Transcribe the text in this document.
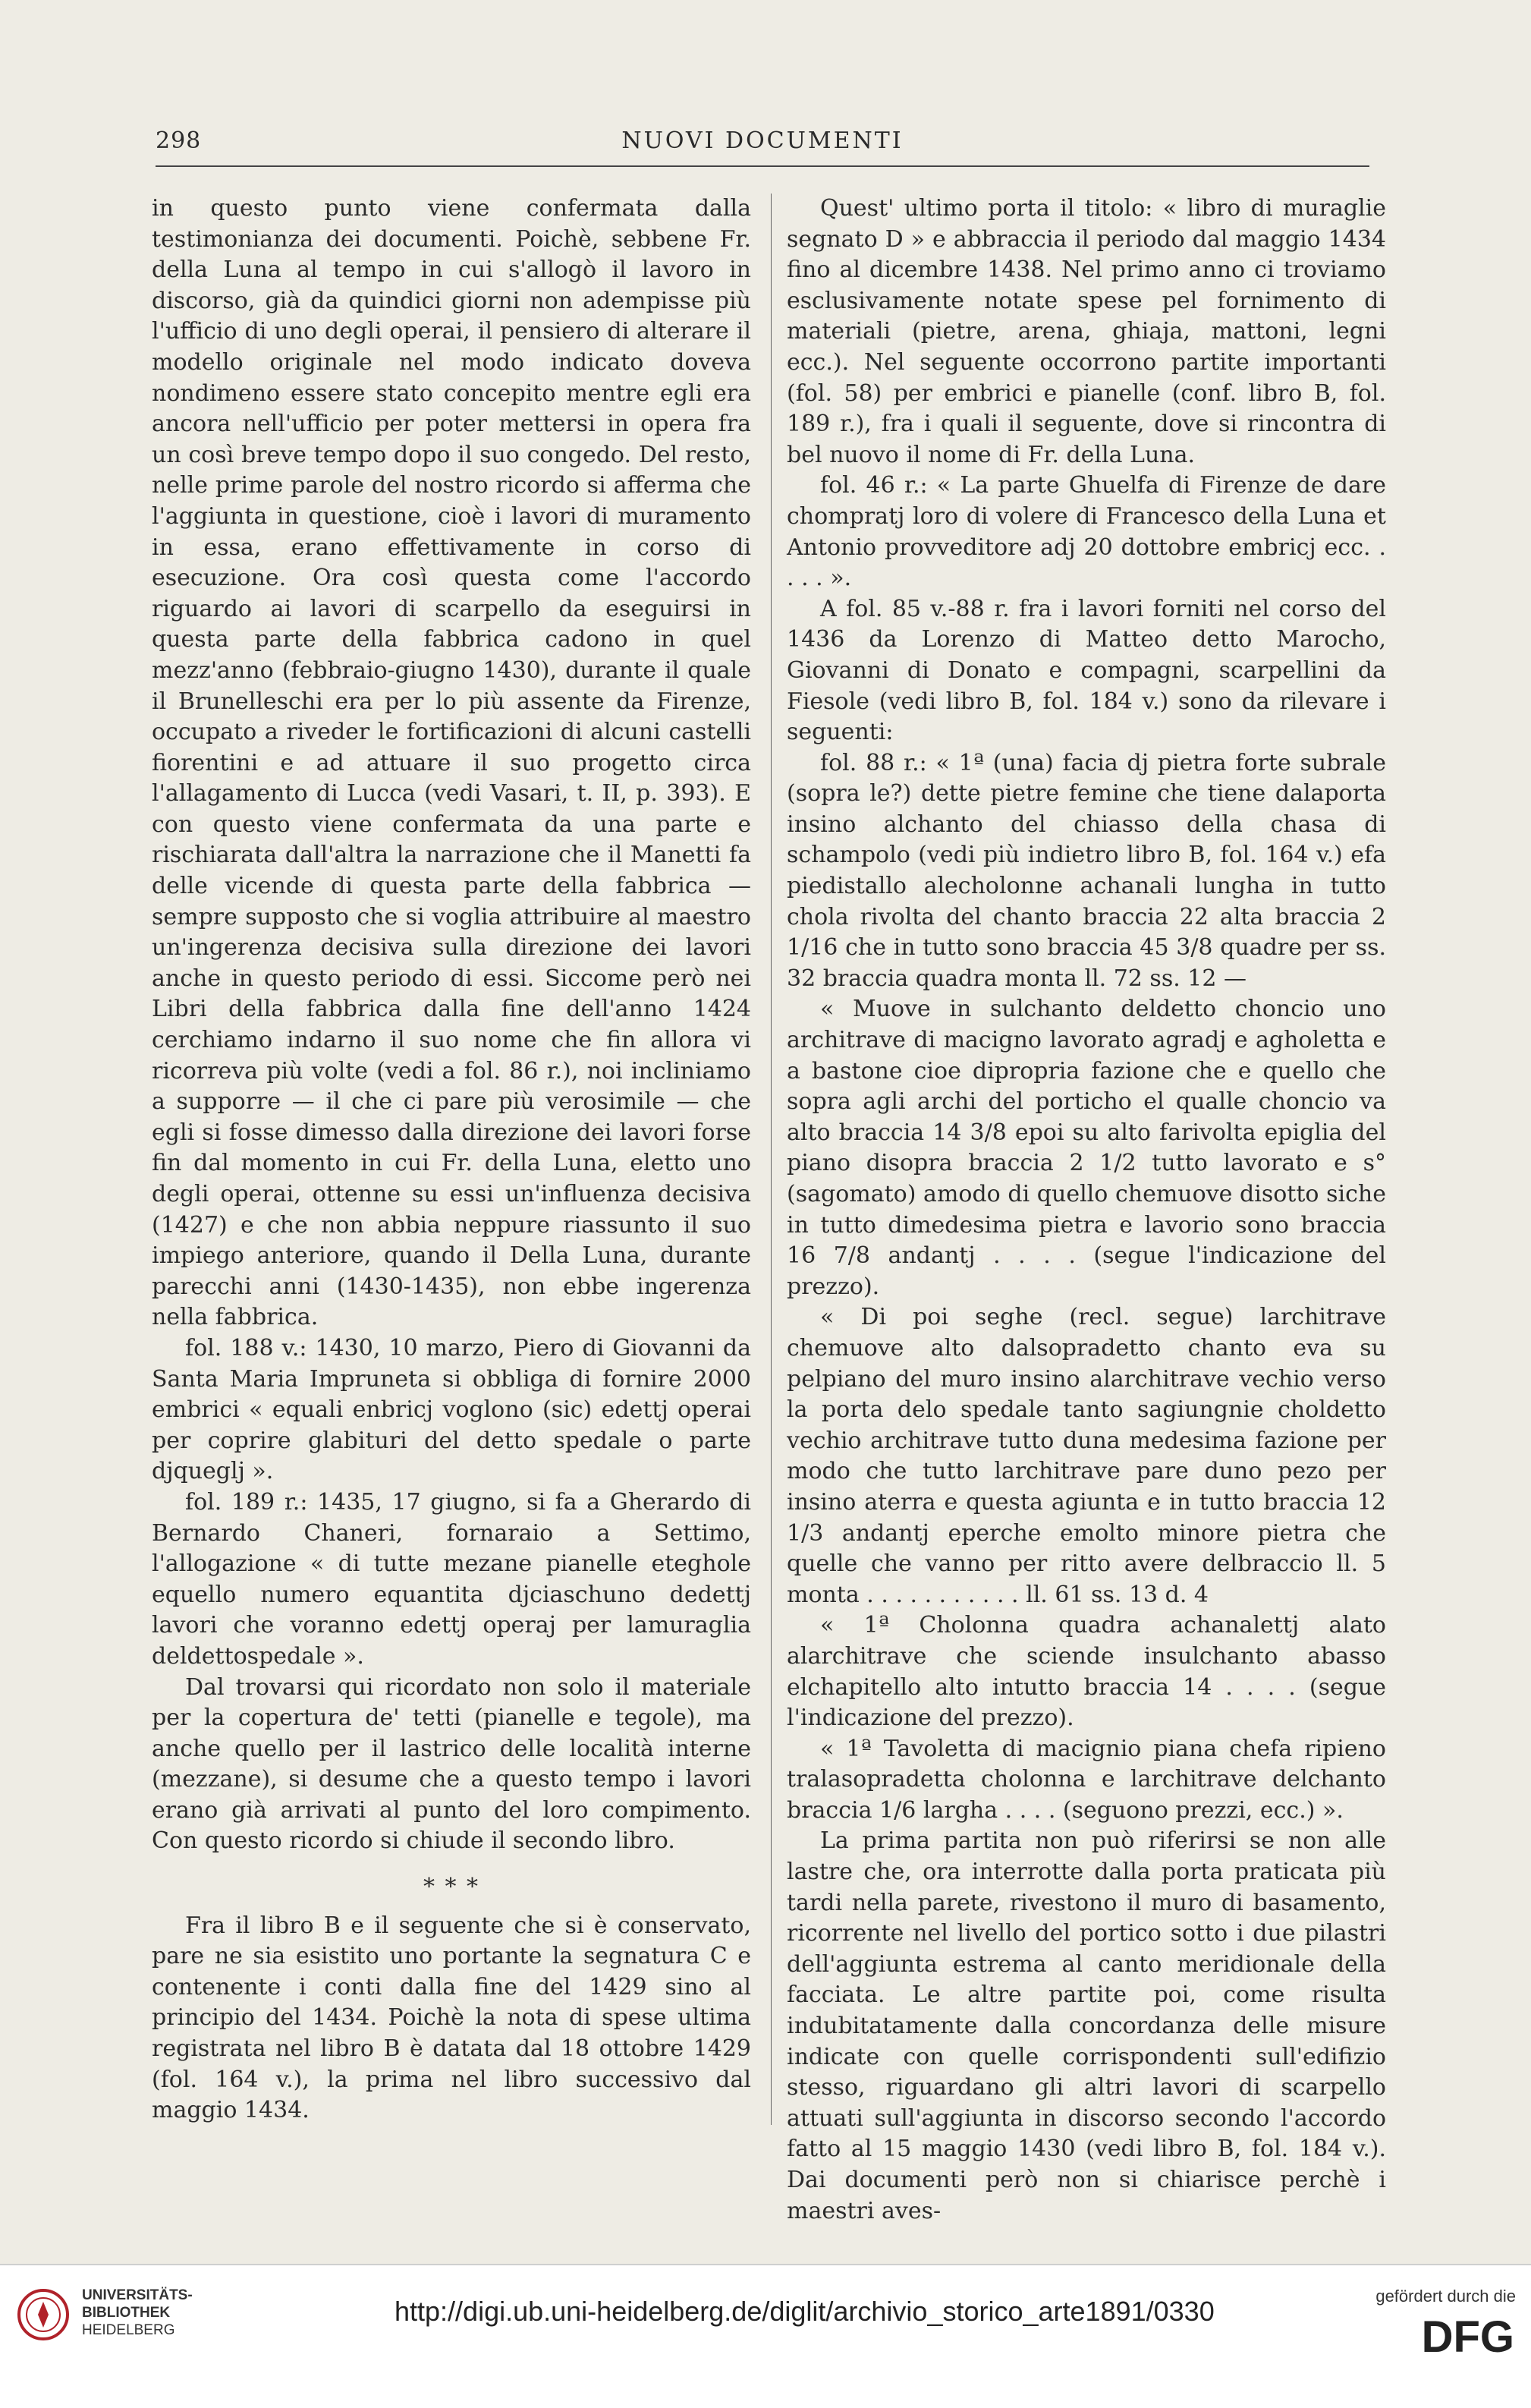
298	NUOVI DOCUMENTI

in questo punto viene confermata dalla testimonianza dei documenti. Poichè, sebbene Fr. della Luna al tempo in cui s'allogò il lavoro in discorso, già da quindici giorni non adempisse più l'ufficio di uno degli operai, il pensiero di alterare il modello originale nel modo indicato doveva nondimeno essere stato concepito mentre egli era ancora nell'ufficio per poter mettersi in opera fra un così breve tempo dopo il suo congedo. Del resto, nelle prime parole del nostro ricordo si afferma che l'aggiunta in questione, cioè i lavori di muramento in essa, erano effettivamente in corso di esecuzione. Ora così questa come l'accordo riguardo ai lavori di scarpello da eseguirsi in questa parte della fabbrica cadono in quel mezz'anno (febbraio-giugno 1430), durante il quale il Brunelleschi era per lo più assente da Firenze, occupato a riveder le fortificazioni di alcuni castelli fiorentini e ad attuare il suo progetto circa l'allagamento di Lucca (vedi Vasari, t. II, p. 393). E con questo viene confermata da una parte e rischiarata dall'altra la narrazione che il Manetti fa delle vicende di questa parte della fabbrica — sempre supposto che si voglia attribuire al maestro un'ingerenza decisiva sulla direzione dei lavori anche in questo periodo di essi. Siccome però nei Libri della fabbrica dalla fine dell'anno 1424 cerchiamo indarno il suo nome che fin allora vi ricorreva più volte (vedi a fol. 86 r.), noi incliniamo a supporre — il che ci pare più verosimile — che egli si fosse dimesso dalla direzione dei lavori forse fin dal momento in cui Fr. della Luna, eletto uno degli operai, ottenne su essi un'influenza decisiva (1427) e che non abbia neppure riassunto il suo impiego anteriore, quando il Della Luna, durante parecchi anni (1430-1435), non ebbe ingerenza nella fabbrica.

fol. 188 v.: 1430, 10 marzo, Piero di Giovanni da Santa Maria Impruneta si obbliga di fornire 2000 embrici « equali enbricj voglono (sic) edettj operai per coprire glabituri del detto spedale o parte djqueglj ».

fol. 189 r.: 1435, 17 giugno, si fa a Gherardo di Bernardo Chaneri, fornaraio a Settimo, l'allogazione « di tutte mezane pianelle eteghole equello numero equantita djciaschuno dedettj lavori che voranno edettj operaj per lamuraglia deldettospedale ».

Dal trovarsi qui ricordato non solo il materiale per la copertura de' tetti (pianelle e tegole), ma anche quello per il lastrico delle località interne (mezzane), si desume che a questo tempo i lavori erano già arrivati al punto del loro compimento. Con questo ricordo si chiude il secondo libro.

* * *

Fra il libro B e il seguente che si è conservato, pare ne sia esistito uno portante la segnatura C e contenente i conti dalla fine del 1429 sino al principio del 1434. Poichè la nota di spese ultima registrata nel libro B è datata dal 18 ottobre 1429 (fol. 164 v.), la prima nel libro successivo dal maggio 1434.

Quest' ultimo porta il titolo: « libro di muraglie segnato D » e abbraccia il periodo dal maggio 1434 fino al dicembre 1438. Nel primo anno ci troviamo esclusivamente notate spese pel fornimento di materiali (pietre, arena, ghiaja, mattoni, legni ecc.). Nel seguente occorrono partite importanti (fol. 58) per embrici e pianelle (conf. libro B, fol. 189 r.), fra i quali il seguente, dove si rincontra di bel nuovo il nome di Fr. della Luna.

fol. 46 r.: « La parte Ghuelfa di Firenze de dare chompratj loro di volere di Francesco della Luna et Antonio provveditore adj 20 dottobre embricj ecc. . . . . ».

A fol. 85 v.-88 r. fra i lavori forniti nel corso del 1436 da Lorenzo di Matteo detto Marocho, Giovanni di Donato e compagni, scarpellini da Fiesole (vedi libro B, fol. 184 v.) sono da rilevare i seguenti:

fol. 88 r.: « 1ª (una) facia dj pietra forte subrale (sopra le?) dette pietre femine che tiene dalaporta insino alchanto del chiasso della chasa di schampolo (vedi più indietro libro B, fol. 164 v.) efa piedistallo alecholonne achanali lungha in tutto chola rivolta del chanto braccia 22 alta braccia 2 1/16 che in tutto sono braccia 45 3/8 quadre per ss. 32 braccia quadra monta ll. 72 ss. 12 —

« Muove in sulchanto deldetto choncio uno architrave di macigno lavorato agradj e agholetta e a bastone cioe dipropria fazione che e quello che sopra agli archi del porticho el qualle choncio va alto braccia 14 3/8 epoi su alto farivolta epiglia del piano disopra braccia 2 1/2 tutto lavorato e s° (sagomato) amodo di quello chemuove disotto siche in tutto dimedesima pietra e lavorio sono braccia 16 7/8 andantj . . . . (segue l'indicazione del prezzo).

« Di poi seghe (recl. segue) larchitrave chemuove alto dalsopradetto chanto eva su pelpiano del muro insino alarchitrave vechio verso la porta delo spedale tanto sagiungnie choldetto vechio architrave tutto duna medesima fazione per modo che tutto larchitrave pare duno pezo per insino aterra e questa agiunta e in tutto braccia 12 1/3 andantj eperche emolto minore pietra che quelle che vanno per ritto avere delbraccio ll. 5 monta . . . . . . . . . . . ll. 61 ss. 13 d. 4

« 1ª Cholonna quadra achanalettj alato alarchitrave che sciende insulchanto abasso elchapitello alto intutto braccia 14 . . . . (segue l'indicazione del prezzo).

« 1ª Tavoletta di macignio piana chefa ripieno tralasopradetta cholonna e larchitrave delchanto braccia 1/6 largha . . . . (seguono prezzi, ecc.) ».

La prima partita non può riferirsi se non alle lastre che, ora interrotte dalla porta praticata più tardi nella parete, rivestono il muro di basamento, ricorrente nel livello del portico sotto i due pilastri dell'aggiunta estrema al canto meridionale della facciata. Le altre partite poi, come risulta indubitatamente dalla concordanza delle misure indicate con quelle corrispondenti sull'edifizio stesso, riguardano gli altri lavori di scarpello attuati sull'aggiunta in discorso secondo l'accordo fatto al 15 maggio 1430 (vedi libro B, fol. 184 v.). Dai documenti però non si chiarisce perchè i maestri aves-

UNIVERSITÄTS-
BIBLIOTHEK
HEIDELBERG
http://digi.ub.uni-heidelberg.de/diglit/archivio_storico_arte1891/0330	gefördert durch die
DFG
